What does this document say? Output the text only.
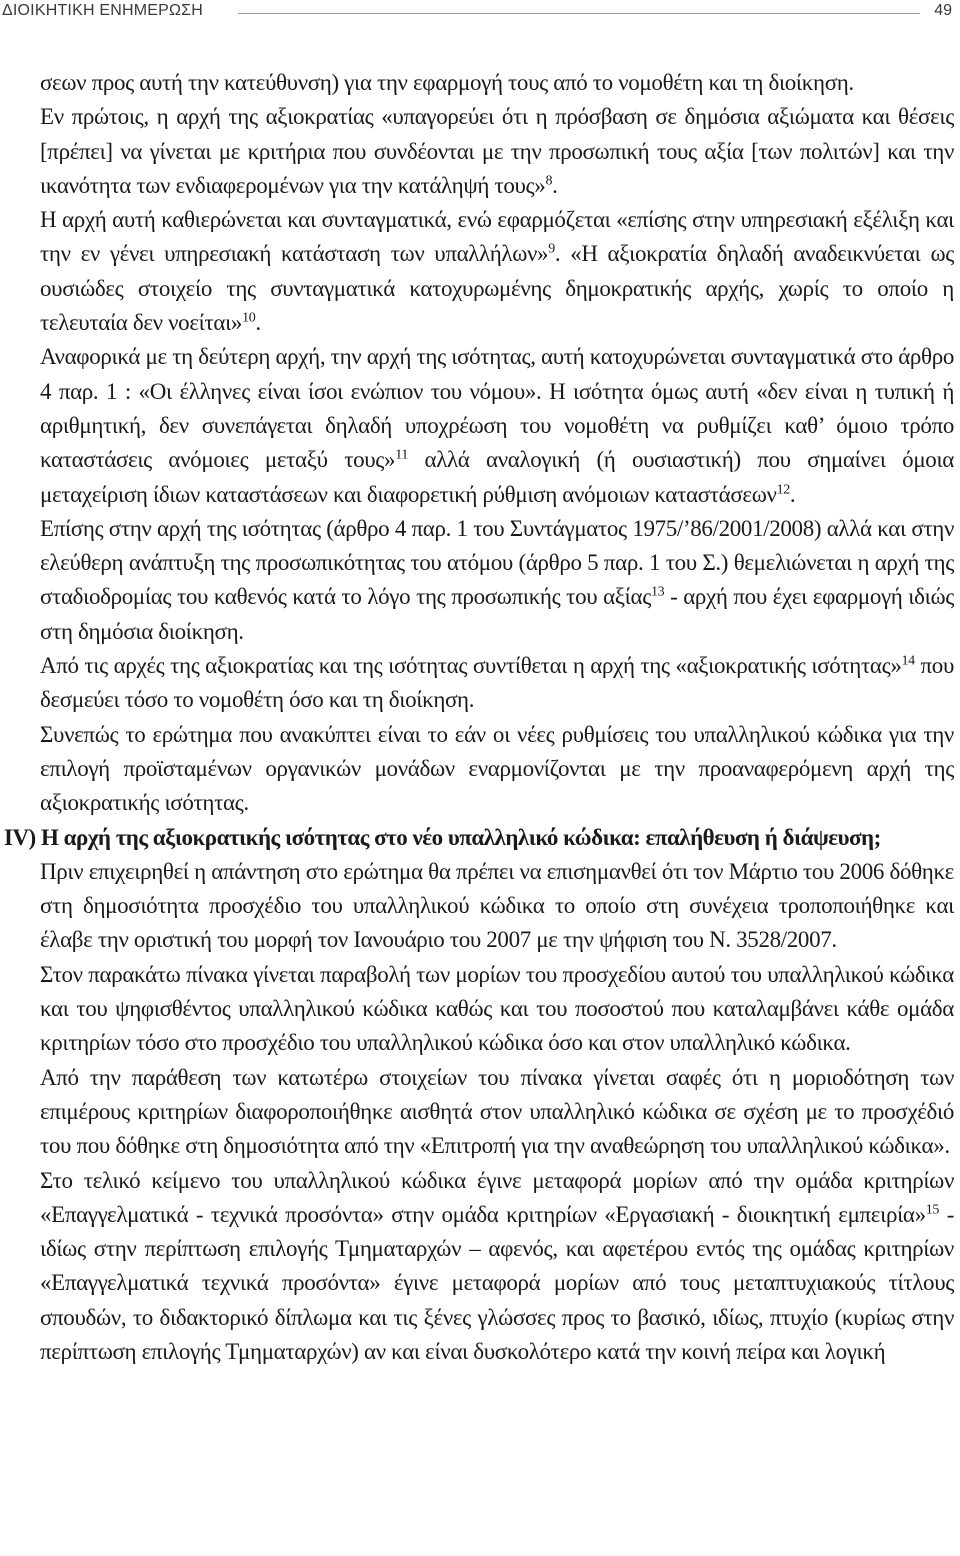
ΔΙΟΙΚΗΤΙΚΗ ΕΝΗΜΕΡΩΣΗ	49

σεων προς αυτή την κατεύθυνση) για την εφαρμογή τους από το νομοθέτη και τη διοίκηση.

Εν πρώτοις, η αρχή της αξιοκρατίας «υπαγορεύει ότι η πρόσβαση σε δημόσια αξιώματα και θέσεις [πρέπει] να γίνεται με κριτήρια που συνδέονται με την προσωπική τους αξία [των πολιτών] και την ικανότητα των ενδιαφερομένων για την κατάληψή τους»$^8$.

Η αρχή αυτή καθιερώνεται και συνταγματικά, ενώ εφαρμόζεται «επίσης στην υπηρεσιακή εξέλιξη και την εν γένει υπηρεσιακή κατάσταση των υπαλλήλων»$^9$. «Η αξιοκρατία δηλαδή αναδεικνύεται ως ουσιώδες στοιχείο της συνταγματικά κατοχυρωμένης δημοκρατικής αρχής, χωρίς το οποίο η τελευταία δεν νοείται»$^{10}$.

Αναφορικά με τη δεύτερη αρχή, την αρχή της ισότητας, αυτή κατοχυρώνεται συνταγματικά στο άρθρο 4 παρ. 1 : «Οι έλληνες είναι ίσοι ενώπιον του νόμου». Η ισότητα όμως αυτή «δεν είναι η τυπική ή αριθμητική, δεν συνεπάγεται δηλαδή υποχρέωση του νομοθέτη να ρυθμίζει καθ’ όμοιο τρόπο καταστάσεις ανόμοιες μεταξύ τους»$^{11}$ αλλά αναλογική (ή ουσιαστική) που σημαίνει όμοια μεταχείριση ίδιων καταστάσεων και διαφορετική ρύθμιση ανόμοιων καταστάσεων$^{12}$.

Επίσης στην αρχή της ισότητας (άρθρο 4 παρ. 1 του Συντάγματος 1975/’86/2001/2008) αλλά και στην ελεύθερη ανάπτυξη της προσωπικότητας του ατόμου (άρθρο 5 παρ. 1 του Σ.) θεμελιώνεται η αρχή της σταδιοδρομίας του καθενός κατά το λόγο της προσωπικής του αξίας$^{13}$ - αρχή που έχει εφαρμογή ιδιώς στη δημόσια διοίκηση.

Από τις αρχές της αξιοκρατίας και της ισότητας συντίθεται η αρχή της «αξιοκρατικής ισότητας»$^{14}$ που δεσμεύει τόσο το νομοθέτη όσο και τη διοίκηση.

Συνεπώς το ερώτημα που ανακύπτει είναι το εάν οι νέες ρυθμίσεις του υπαλληλικού κώδικα για την επιλογή προϊσταμένων οργανικών μονάδων εναρμονίζονται με την προαναφερόμενη αρχή της αξιοκρατικής ισότητας.

IV) Η αρχή της αξιοκρατικής ισότητας στο νέο υπαλληλικό κώδικα: επαλήθευση ή διάψευση;

Πριν επιχειρηθεί η απάντηση στο ερώτημα θα πρέπει να επισημανθεί ότι τον Μάρτιο του 2006 δόθηκε στη δημοσιότητα προσχέδιο του υπαλληλικού κώδικα το οποίο στη συνέχεια τροποποιήθηκε και έλαβε την οριστική του μορφή τον Ιανουάριο του 2007 με την ψήφιση του Ν. 3528/2007.

Στον παρακάτω πίνακα γίνεται παραβολή των μορίων του προσχεδίου αυτού του υπαλληλικού κώδικα και του ψηφισθέντος υπαλληλικού κώδικα καθώς και του ποσοστού που καταλαμβάνει κάθε ομάδα κριτηρίων τόσο στο προσχέδιο του υπαλληλικού κώδικα όσο και στον υπαλληλικό κώδικα.

Από την παράθεση των κατωτέρω στοιχείων του πίνακα γίνεται σαφές ότι η μοριοδότηση των επιμέρους κριτηρίων διαφοροποιήθηκε αισθητά στον υπαλληλικό κώδικα σε σχέση με το προσχέδιό του που δόθηκε στη δημοσιότητα από την «Επιτροπή για την αναθεώρηση του υπαλληλικού κώδικα».

Στο τελικό κείμενο του υπαλληλικού κώδικα έγινε μεταφορά μορίων από την ομάδα κριτηρίων «Επαγγελματικά - τεχνικά προσόντα» στην ομάδα κριτηρίων «Εργασιακή - διοικητική εμπειρία»$^{15}$ - ιδίως στην περίπτωση επιλογής Τμηματαρχών – αφενός, και αφετέρου εντός της ομάδας κριτηρίων «Επαγγελματικά τεχνικά προσόντα» έγινε μεταφορά μορίων από τους μεταπτυχιακούς τίτλους σπουδών, το διδακτορικό δίπλωμα και τις ξένες γλώσσες προς το βασικό, ιδίως, πτυχίο (κυρίως στην περίπτωση επιλογής Τμηματαρχών) αν και είναι δυσκολότερο κατά την κοινή πείρα και λογική
